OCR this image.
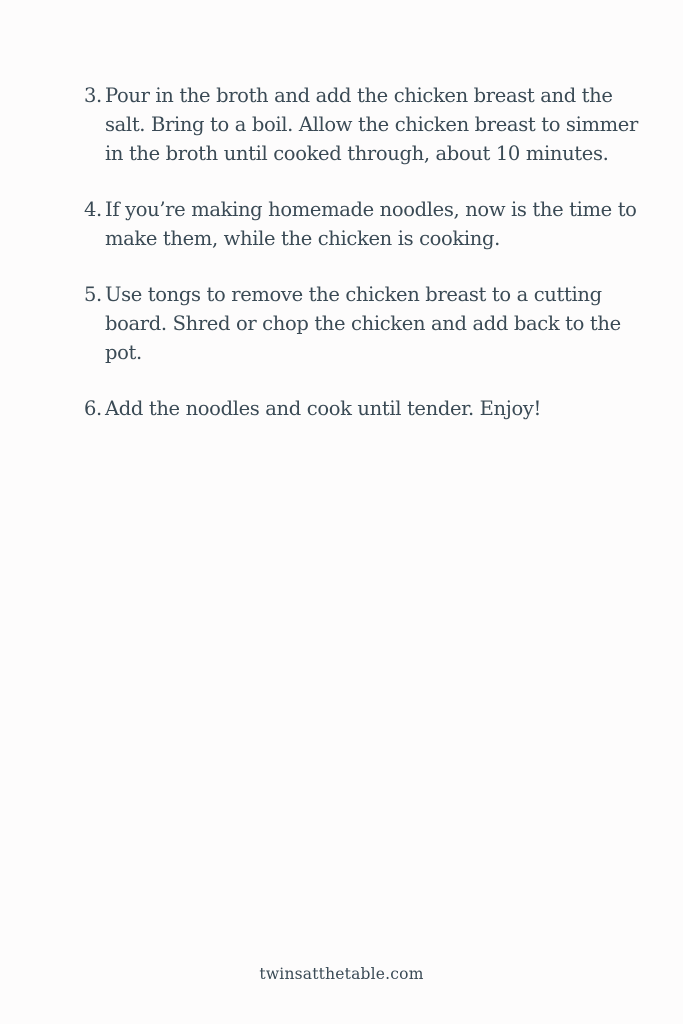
3. Pour in the broth and add the chicken breast and the salt. Bring to a boil. Allow the chicken breast to simmer in the broth until cooked through, about 10 minutes.
4. If you’re making homemade noodles, now is the time to make them, while the chicken is cooking.
5. Use tongs to remove the chicken breast to a cutting board. Shred or chop the chicken and add back to the pot.
6. Add the noodles and cook until tender. Enjoy!
twinsatthetable.com
